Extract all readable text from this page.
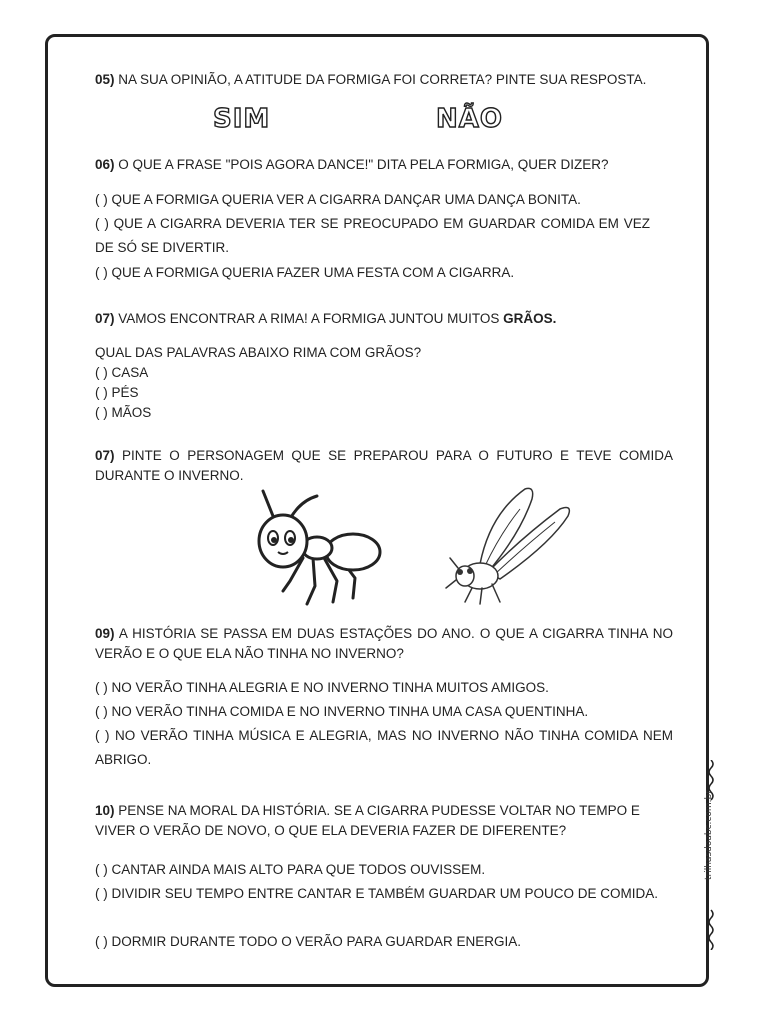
05) NA SUA OPINIÃO, A ATITUDE DA FORMIGA FOI CORRETA? PINTE SUA RESPOSTA.
SIM	NÃO
06) O QUE A FRASE "POIS AGORA DANCE!" DITA PELA FORMIGA, QUER DIZER?
( ) QUE A FORMIGA QUERIA VER A CIGARRA DANÇAR UMA DANÇA BONITA.
( ) QUE A CIGARRA DEVERIA TER SE PREOCUPADO EM GUARDAR COMIDA EM VEZ DE SÓ SE DIVERTIR.
( ) QUE A FORMIGA QUERIA FAZER UMA FESTA COM A CIGARRA.
07) VAMOS ENCONTRAR A RIMA! A FORMIGA JUNTOU MUITOS GRÃOS.
QUAL DAS PALAVRAS ABAIXO RIMA COM GRÃOS?
( ) CASA
( ) PÉS
( ) MÃOS
07) PINTE O PERSONAGEM QUE SE PREPAROU PARA O FUTURO E TEVE COMIDA DURANTE O INVERNO.
09) A HISTÓRIA SE PASSA EM DUAS ESTAÇÕES DO ANO. O QUE A CIGARRA TINHA NO VERÃO E O QUE ELA NÃO TINHA NO INVERNO?
( ) NO VERÃO TINHA ALEGRIA E NO INVERNO TINHA MUITOS AMIGOS.
( ) NO VERÃO TINHA COMIDA E NO INVERNO TINHA UMA CASA QUENTINHA.
( ) NO VERÃO TINHA MÚSICA E ALEGRIA, MAS NO INVERNO NÃO TINHA COMIDA NEM ABRIGO.
10) PENSE NA MORAL DA HISTÓRIA. SE A CIGARRA PUDESSE VOLTAR NO TEMPO E VIVER O VERÃO DE NOVO, O QUE ELA DEVERIA FAZER DE DIFERENTE?
( ) CANTAR AINDA MAIS ALTO PARA QUE TODOS OUVISSEM.
( ) DIVIDIR SEU TEMPO ENTRE CANTAR E TAMBÉM GUARDAR UM POUCO DE COMIDA.
( ) DORMIR DURANTE TODO O VERÃO PARA GUARDAR ENERGIA.
trilhasdoabc.com.br
